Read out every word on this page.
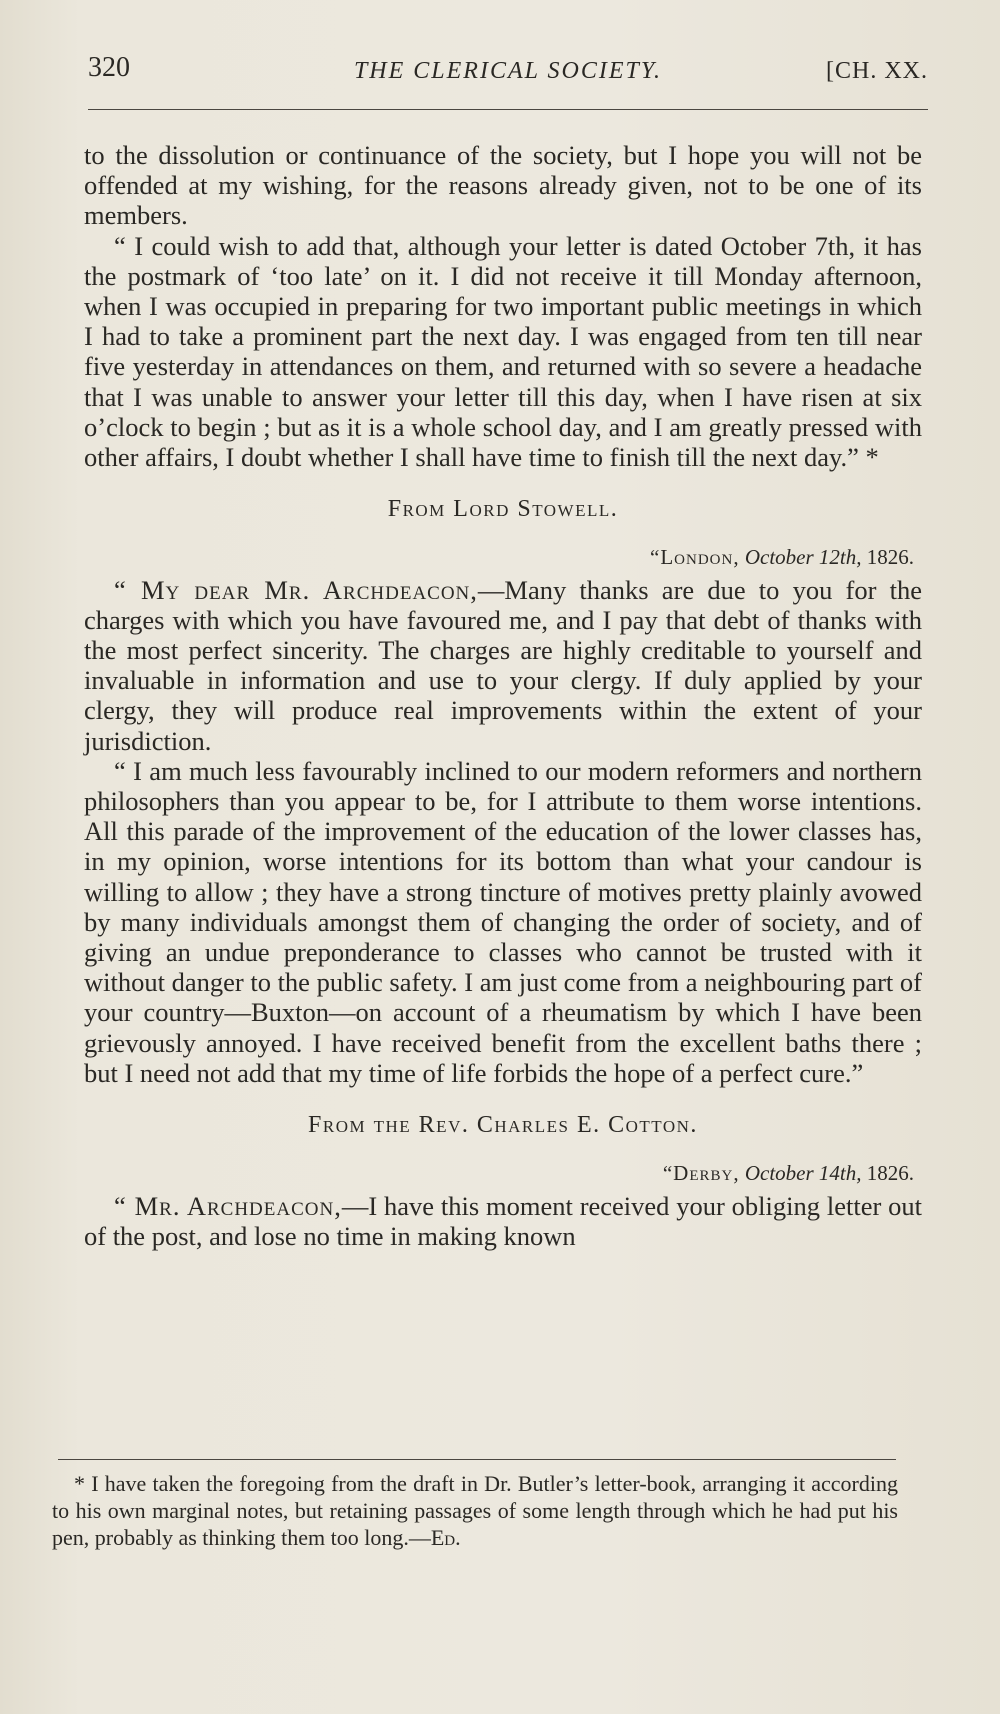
320	THE CLERICAL SOCIETY.	[CH. XX.

to the dissolution or continuance of the society, but I hope you will not be offended at my wishing, for the reasons already given, not to be one of its members.

“ I could wish to add that, although your letter is dated October 7th, it has the postmark of ‘too late’ on it. I did not receive it till Monday afternoon, when I was occupied in preparing for two important public meetings in which I had to take a prominent part the next day. I was engaged from ten till near five yesterday in attendances on them, and returned with so severe a headache that I was unable to answer your letter till this day, when I have risen at six o’clock to begin ; but as it is a whole school day, and I am greatly pressed with other affairs, I doubt whether I shall have time to finish till the next day.” *

From Lord Stowell.
“London, October 12th, 1826.

“ My dear Mr. Archdeacon,—Many thanks are due to you for the charges with which you have favoured me, and I pay that debt of thanks with the most perfect sincerity. The charges are highly creditable to yourself and invaluable in information and use to your clergy. If duly applied by your clergy, they will produce real improvements within the extent of your jurisdiction.

“ I am much less favourably inclined to our modern reformers and northern philosophers than you appear to be, for I attribute to them worse intentions. All this parade of the improvement of the education of the lower classes has, in my opinion, worse intentions for its bottom than what your candour is willing to allow ; they have a strong tincture of motives pretty plainly avowed by many individuals amongst them of changing the order of society, and of giving an undue preponderance to classes who cannot be trusted with it without danger to the public safety. I am just come from a neighbouring part of your country—Buxton—on account of a rheumatism by which I have been grievously annoyed. I have received benefit from the excellent baths there ; but I need not add that my time of life forbids the hope of a perfect cure.”

From the Rev. Charles E. Cotton.
“Derby, October 14th, 1826.

“ Mr. Archdeacon,—I have this moment received your obliging letter out of the post, and lose no time in making known

* I have taken the foregoing from the draft in Dr. Butler’s letter-book, arranging it according to his own marginal notes, but retaining passages of some length through which he had put his pen, probably as thinking them too long.—Ed.
